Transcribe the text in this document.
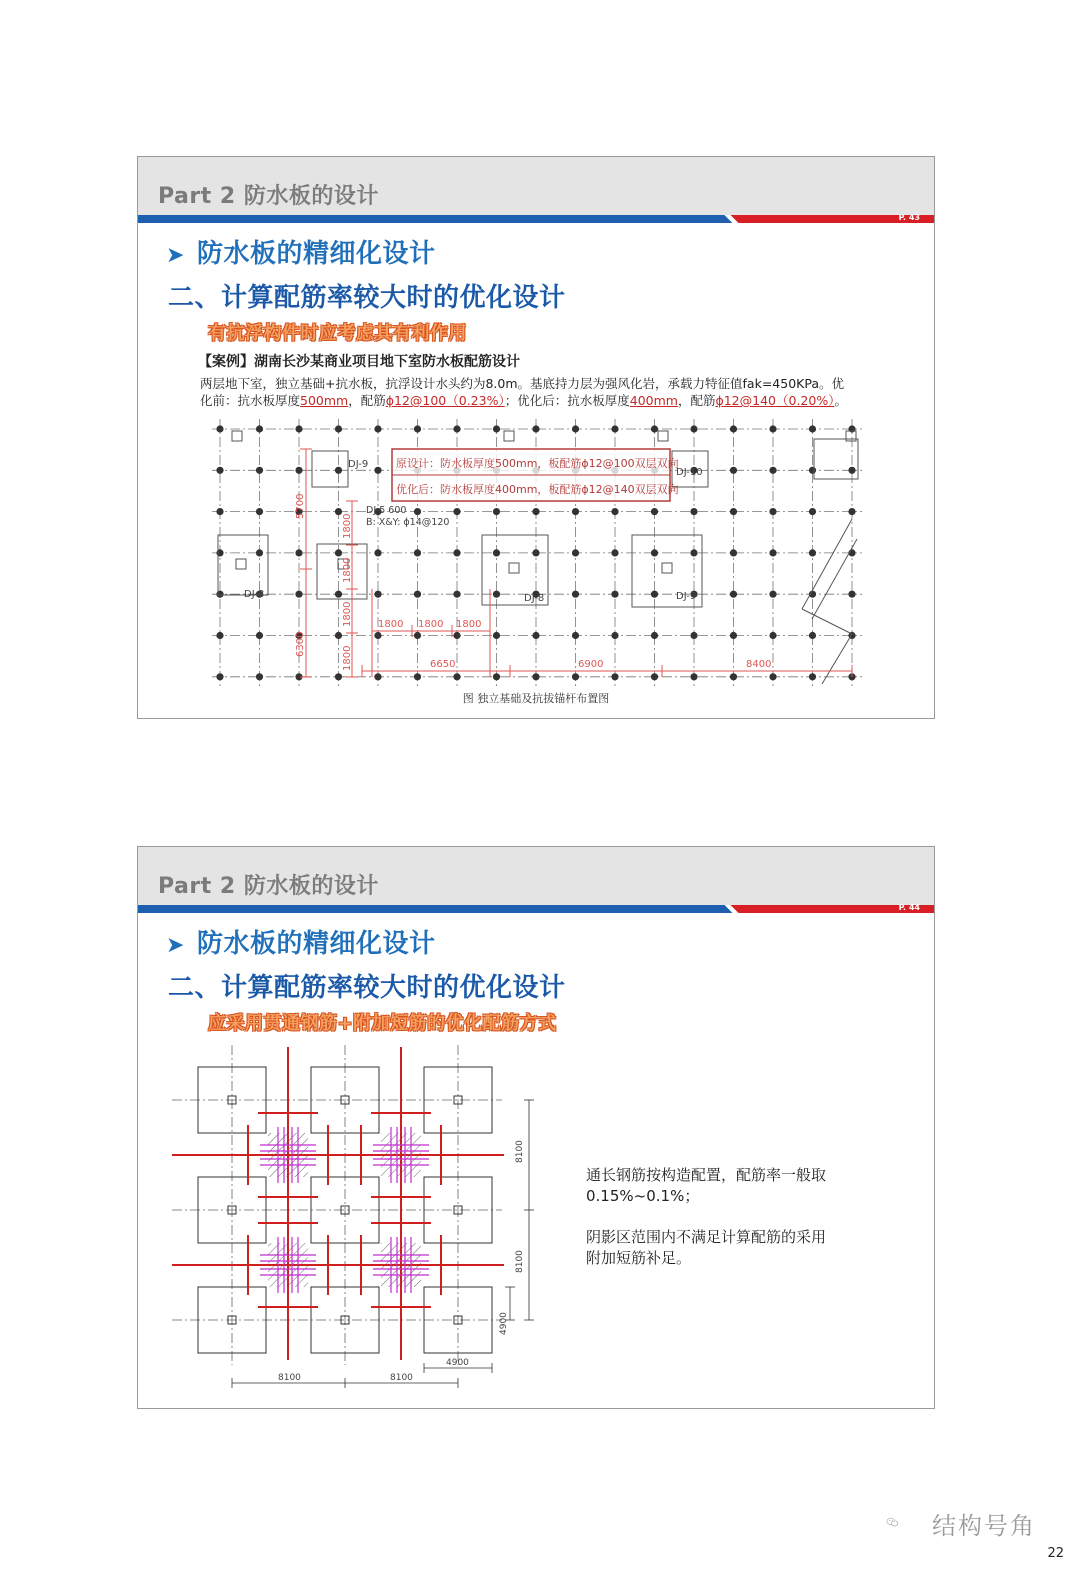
Part 2 防水板的设计
P. 43
➤ 防水板的精细化设计
二、计算配筋率较大时的优化设计
有抗浮构件时应考虑其有利作用
【案例】湖南长沙某商业项目地下室防水板配筋设计
两层地下室，独立基础+抗水板，抗浮设计水头约为8.0m。基底持力层为强风化岩，承载力特征值fak=450KPa。优
化前：抗水板厚度500mm，配筋ɸ12@100（0.23%）；优化后：抗水板厚度400mm，配筋ɸ12@140（0.20%）。
原设计：防水板厚度500mm，板配筋ɸ12@100双层双向
优化后：防水板厚度400mm，板配筋ɸ12@140双层双向
DJ-9
DJ-10
DJ-8	DJ-8	DJ-9
DJ-5 600
B: X&Y: ɸ14@120
5700
6300
1800
1800
1800
1800
1800 1800 1800
6650	6900	8400
图 独立基础及抗拔锚杆布置图
Part 2 防水板的设计
P. 44
➤ 防水板的精细化设计
二、计算配筋率较大时的优化设计
应采用贯通钢筋+附加短筋的优化配筋方式
8100
8100
4900
4900
8100	8100
通长钢筋按构造配置，配筋率一般取
0.15%~0.1%；
阴影区范围内不满足计算配筋的采用
附加短筋补足。
结构号角
22
